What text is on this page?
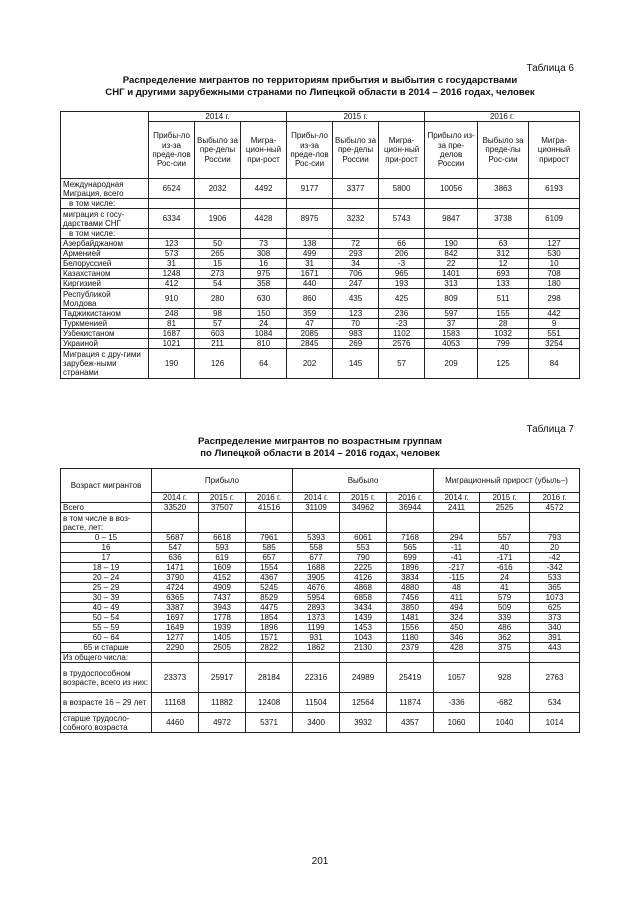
Таблица 6
Распределение мигрантов по территориям прибытия и выбытия с государствами
СНГ и другими зарубежными странами по Липецкой области в 2014 – 2016 годах, человек
	2014 г.			2015 г.			2016 г.		
	Прибы-ло из-за преде-лов Рос-сии	Выбыло за пре-делы России	Мигра-цион-ный при-рост	Прибы-ло из-за преде-лов Рос-сии	Выбыло за пре-делы России	Мигра-цион-ный при-рост	Прибыло из-за пре-делов России	Выбыло за преде-лы Рос-сии	Мигра-ционный прирост
Международная Миграция, всего	6524	2032	4492	9177	3377	5800	10056	3863	6193
в том числе:									
миграция с госу-дарствами СНГ	6334	1906	4428	8975	3232	5743	9847	3738	6109
в том числе:									
Азербайджаном	123	50	73	138	72	66	190	63	127
Арменией	573	265	308	499	293	206	842	312	530
Белоруссией	31	15	16	31	34	-3	22	12	10
Казахстаном	1248	273	975	1671	706	965	1401	693	708
Киргизией	412	54	358	440	247	193	313	133	180
Республикой Молдова	910	280	630	860	435	425	809	511	298
Таджикистаном	248	98	150	359	123	236	597	155	442
Туркменией	81	57	24	47	70	-23	37	28	9
Узбекистаном	1687	603	1084	2085	983	1102	1583	1032	551
Украиной	1021	211	810	2845	269	2576	4053	799	3254
Миграция с дру-гими зарубеж-ными странами	190	126	64	202	145	57	209	125	84
Таблица 7
Распределение мигрантов по возрастным группам
по Липецкой области в 2014 – 2016 годах, человек
Возраст мигрантов	Прибыло			Выбыло			Миграционный прирост (убыль–)		
	2014 г.	2015 г.	2016 г.	2014 г.	2015 г.	2016 г.	2014 г.	2015 г.	2016 г.
Всего	33520	37507	41516	31109	34962	36944	2411	2525	4572
в том числе в воз-расте, лет:									
0 – 15	5687	6618	7961	5393	6061	7168	294	557	793
16	547	593	585	558	553	565	-11	40	20
17	636	619	657	677	790	699	-41	-171	-42
18 – 19	1471	1609	1554	1688	2225	1896	-217	-616	-342
20 – 24	3790	4152	4367	3905	4126	3834	-115	24	533
25 – 29	4724	4909	5245	4676	4868	4880	48	41	365
30 – 39	6365	7437	8529	5954	6858	7456	411	579	1073
40 – 49	3387	3943	4475	2893	3434	3850	494	509	625
50 – 54	1697	1778	1854	1373	1439	1481	324	339	373
55 – 59	1649	1939	1896	1199	1453	1556	450	486	340
60 – 64	1277	1405	1571	931	1043	1180	346	362	391
65 и старше	2290	2505	2822	1862	2130	2379	428	375	443
Из общего числа:									
в трудоспособном возрасте, всего из них:	23373	25917	28184	22316	24989	25419	1057	928	2763
в возрасте 16 – 29 лет	11168	11882	12408	11504	12564	11874	-336	-682	534
старше трудосло-собного возраста	4460	4972	5371	3400	3932	4357	1060	1040	1014
201
